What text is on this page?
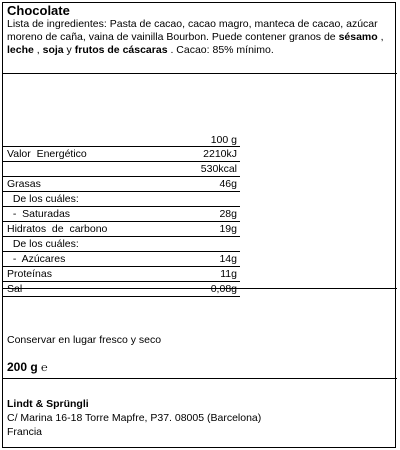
Chocolate
Lista de ingredientes: Pasta de cacao, cacao magro, manteca de cacao, azúcar moreno de caña, vaina de vainilla Bourbon. Puede contener granos de sésamo , leche , soja y frutos de cáscaras . Cacao: 85% mínimo.
100 g
Valor  Energético	2210kJ
530kcal
Grasas	46g
De los cuáles:
-  Saturadas	28g
Hidratos  de  carbono	19g
De los cuáles:
-  Azúcares	14g
Proteínas	11g
Sal	0,08g
Conservar en lugar fresco y seco
200 g ℮
Lindt & Sprüngli
C/ Marina 16-18 Torre Mapfre, P37. 08005 (Barcelona)
Francia
